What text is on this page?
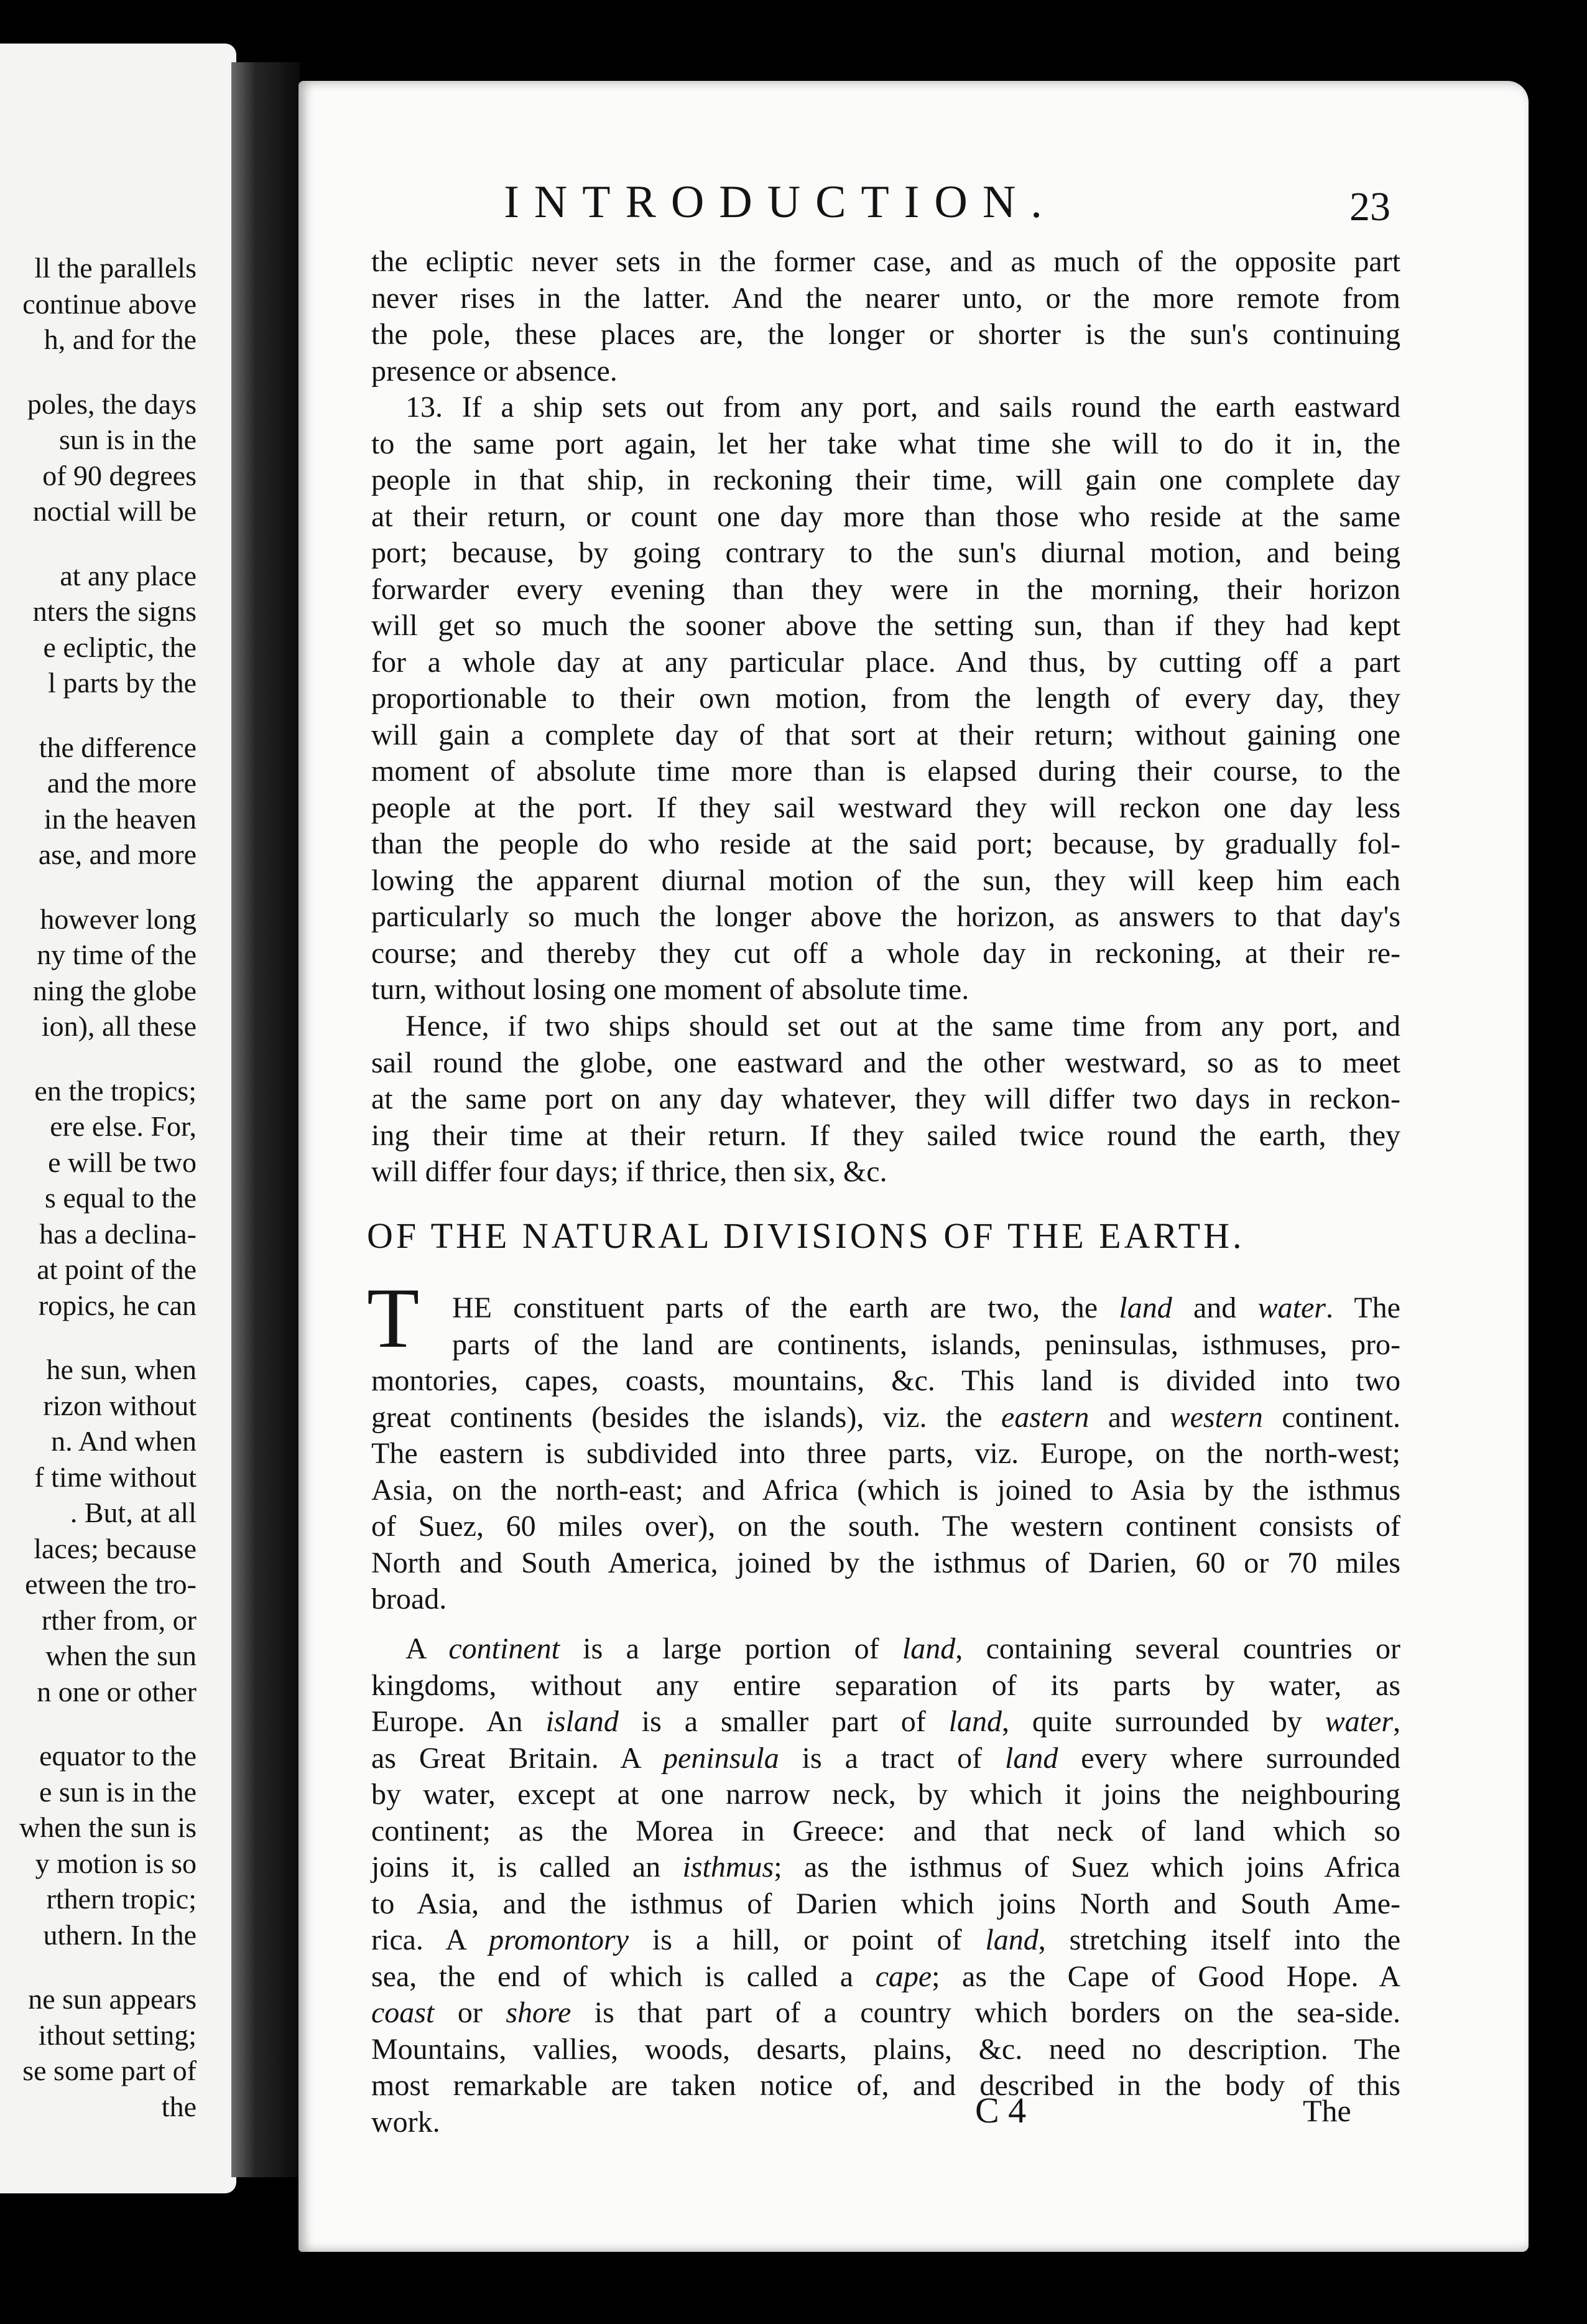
ll the parallels
continue above
h, and for the
poles, the days
sun is in the
of 90 degrees
noctial will be
at any place
nters the signs
e ecliptic, the
l parts by the
the difference
and the more
in the heaven
ase, and more
however long
ny time of the
ning the globe
ion), all these
en the tropics;
ere else. For,
e will be two
s equal to the
has a declina-
at point of the
ropics, he can
he sun, when
rizon without
n. And when
f time without
. But, at all
laces; because
etween the tro-
rther from, or
when the sun
n one or other
equator to the
e sun is in the
when the sun is
y motion is so
rthern tropic;
uthern. In the
ne sun appears
ithout setting;
se some part of
the
INTRODUCTION.	23
the ecliptic never sets in the former case, and as much of the opposite part
never rises in the latter. And the nearer unto, or the more remote from
the pole, these places are, the longer or shorter is the sun's continuing
presence or absence.
13. If a ship sets out from any port, and sails round the earth eastward
to the same port again, let her take what time she will to do it in, the
people in that ship, in reckoning their time, will gain one complete day
at their return, or count one day more than those who reside at the same
port; because, by going contrary to the sun's diurnal motion, and being
forwarder every evening than they were in the morning, their horizon
will get so much the sooner above the setting sun, than if they had kept
for a whole day at any particular place. And thus, by cutting off a part
proportionable to their own motion, from the length of every day, they
will gain a complete day of that sort at their return; without gaining one
moment of absolute time more than is elapsed during their course, to the
people at the port. If they sail westward they will reckon one day less
than the people do who reside at the said port; because, by gradually fol-
lowing the apparent diurnal motion of the sun, they will keep him each
particularly so much the longer above the horizon, as answers to that day's
course; and thereby they cut off a whole day in reckoning, at their re-
turn, without losing one moment of absolute time.
Hence, if two ships should set out at the same time from any port, and
sail round the globe, one eastward and the other westward, so as to meet
at the same port on any day whatever, they will differ two days in reckon-
ing their time at their return. If they sailed twice round the earth, they
will differ four days; if thrice, then six, &c.
OF THE NATURAL DIVISIONS OF THE EARTH.
T	HE constituent parts of the earth are two, the land and water. The
parts of the land are continents, islands, peninsulas, isthmuses, pro-
montories, capes, coasts, mountains, &c. This land is divided into two
great continents (besides the islands), viz. the eastern and western continent.
The eastern is subdivided into three parts, viz. Europe, on the north-west;
Asia, on the north-east; and Africa (which is joined to Asia by the isthmus
of Suez, 60 miles over), on the south. The western continent consists of
North and South America, joined by the isthmus of Darien, 60 or 70 miles
broad.
A continent is a large portion of land, containing several countries or
kingdoms, without any entire separation of its parts by water, as
Europe. An island is a smaller part of land, quite surrounded by water,
as Great Britain. A peninsula is a tract of land every where surrounded
by water, except at one narrow neck, by which it joins the neighbouring
continent; as the Morea in Greece: and that neck of land which so
joins it, is called an isthmus; as the isthmus of Suez which joins Africa
to Asia, and the isthmus of Darien which joins North and South Ame-
rica. A promontory is a hill, or point of land, stretching itself into the
sea, the end of which is called a cape; as the Cape of Good Hope. A
coast or shore is that part of a country which borders on the sea-side.
Mountains, vallies, woods, desarts, plains, &c. need no description. The
most remarkable are taken notice of, and described in the body of this
work.	C 4	The
